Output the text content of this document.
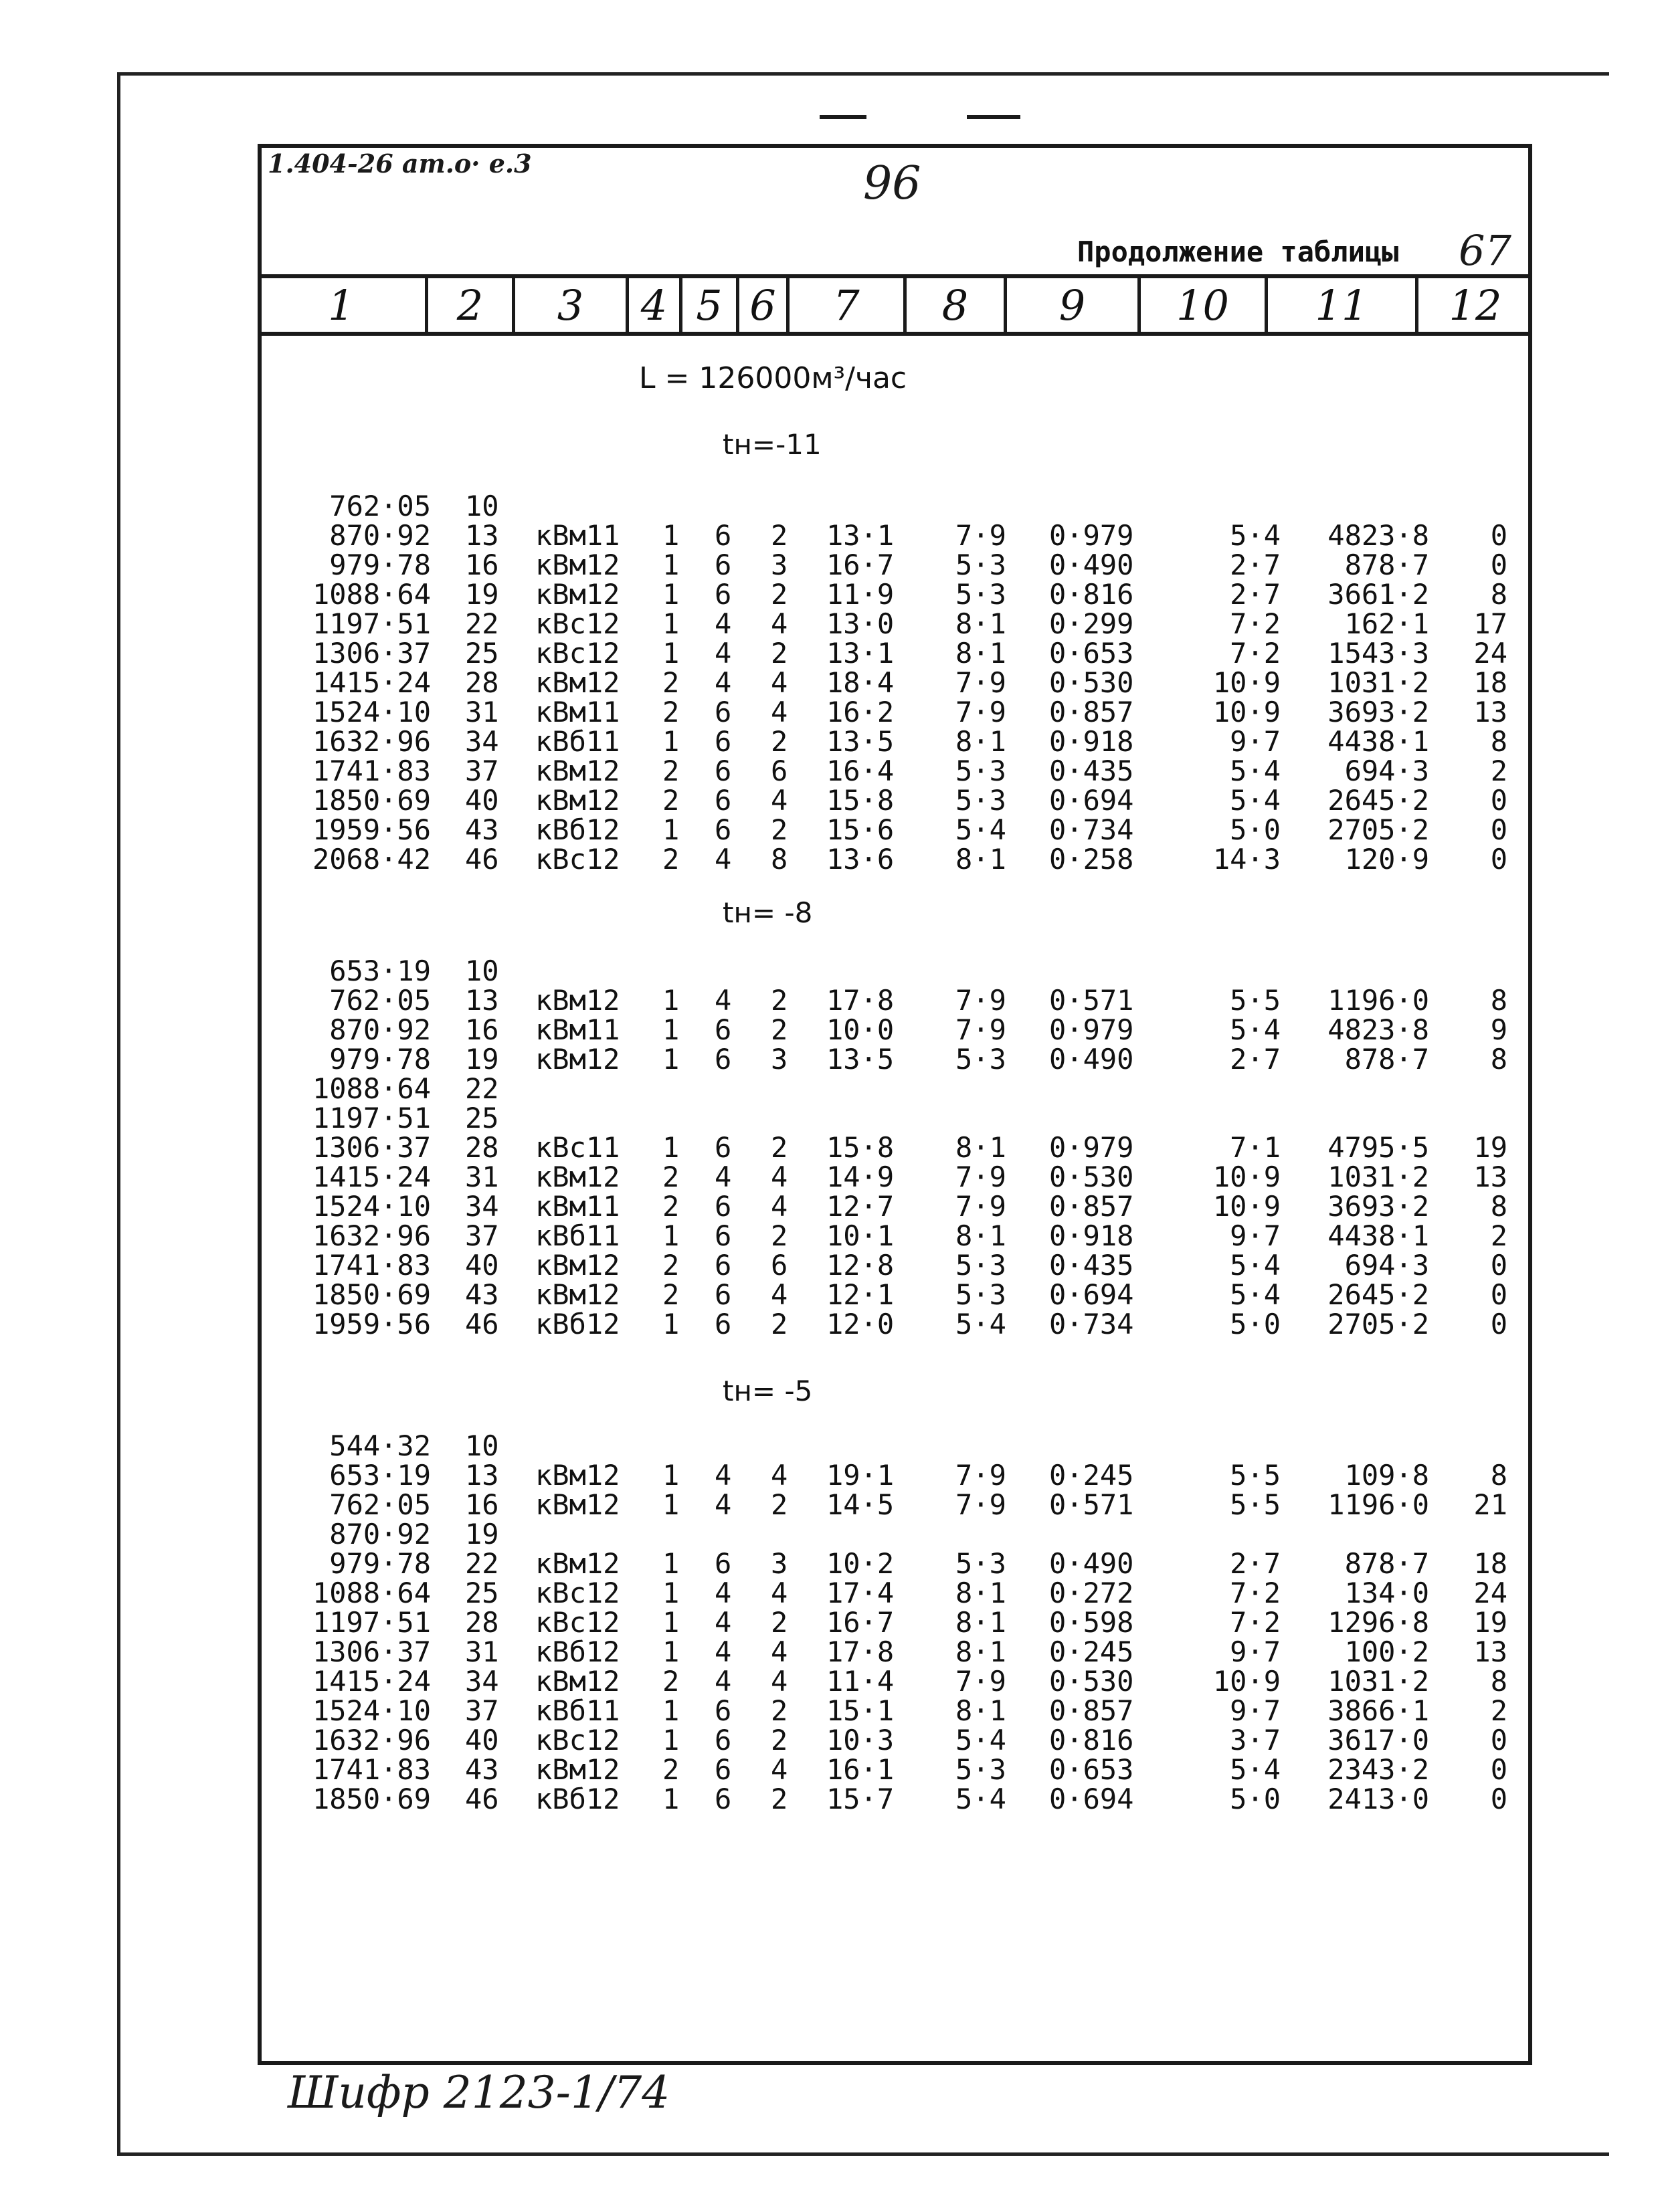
1.404-26 am.o· e.3	96
Продолжение таблицы 67
1	2	3	4 5 6	7	8	9	10	11	12
L = 126000м³/час
762·05 10
870·92 13 кВм11 1 6 2 13·1 7·9 0·979	5·4 4823·8 0
979·78 16 кВм12 1 6 3 16·7 5·3 0·490	2·7 878·7 0
1088·64 19 кВм12 1 6 2 11·9 5·3 0·816	2·7 3661·2 8
1197·51 22 кВс12 1 4 4 13·0 8·1 0·299	7·2 162·1 17
1306·37 25 кВс12 1 4 2 13·1 8·1 0·653	7·2 1543·3 24
1415·24 28 кВм12 2 4 4 18·4 7·9 0·530	10·9 1031·2 18
1524·10 31 кВм11 2 6 4 16·2 7·9 0·857	10·9 3693·2 13
1632·96 34 кВб11 1 6 2 13·5 8·1 0·918	9·7 4438·1 8
1741·83 37 кВм12 2 6 6 16·4 5·3 0·435	5·4 694·3 2
1850·69 40 кВм12 2 6 4 15·8 5·3 0·694	5·4 2645·2 0
1959·56 43 кВб12 1 6 2 15·6 5·4 0·734	5·0 2705·2 0
2068·42 46 кВс12 2 4 8 13·6 8·1 0·258	14·3 120·9 0
653·19 10
762·05 13 кВм12 1 4 2 17·8 7·9 0·571	5·5 1196·0 8
870·92 16 кВм11 1 6 2 10·0 7·9 0·979	5·4 4823·8 9
979·78 19 кВм12 1 6 3 13·5 5·3 0·490	2·7 878·7 8
1088·64 22
1197·51 25
1306·37 28 кВс11 1 6 2 15·8 8·1 0·979	7·1 4795·5 19
1415·24 31 кВм12 2 4 4 14·9 7·9 0·530	10·9 1031·2 13
1524·10 34 кВм11 2 6 4 12·7 7·9 0·857	10·9 3693·2 8
1632·96 37 кВб11 1 6 2 10·1 8·1 0·918	9·7 4438·1 2
1741·83 40 кВм12 2 6 6 12·8 5·3 0·435	5·4 694·3 0
1850·69 43 кВм12 2 6 4 12·1 5·3 0·694	5·4 2645·2 0
1959·56 46 кВб12 1 6 2 12·0 5·4 0·734	5·0 2705·2 0
544·32 10
653·19 13 кВм12 1 4 4 19·1 7·9 0·245	5·5 109·8 8
762·05 16 кВм12 1 4 2 14·5 7·9 0·571	5·5 1196·0 21
870·92 19
979·78 22 кВм12 1 6 3 10·2 5·3 0·490	2·7 878·7 18
1088·64 25 кВс12 1 4 4 17·4 8·1 0·272	7·2 134·0 24
1197·51 28 кВс12 1 4 2 16·7 8·1 0·598	7·2 1296·8 19
1306·37 31 кВб12 1 4 4 17·8 8·1 0·245	9·7 100·2 13
1415·24 34 кВм12 2 4 4 11·4 7·9 0·530	10·9 1031·2 8
1524·10 37 кВб11 1 6 2 15·1 8·1 0·857	9·7 3866·1 2
1632·96 40 кВс12 1 6 2 10·3 5·4 0·816	3·7 3617·0 0
1741·83 43 кВм12 2 6 4 16·1 5·3 0·653	5·4 2343·2 0
1850·69 46 кВб12 1 6 2 15·7 5·4 0·694	5·0 2413·0 0
Шифр 2123-1/74
tн=-11
tн= -8
tн= -5
